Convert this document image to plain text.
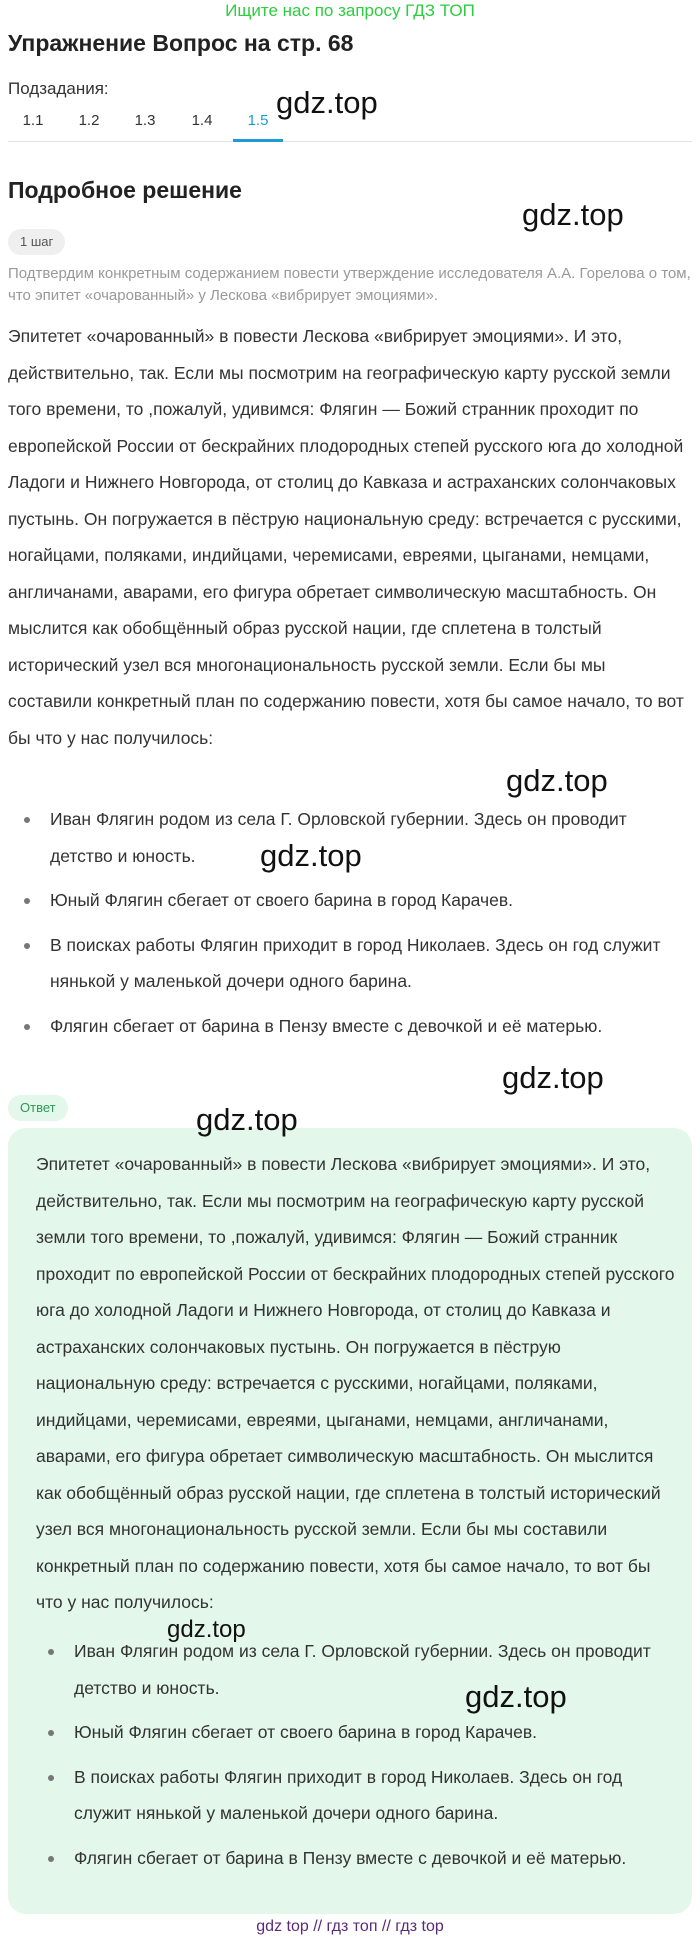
Ищите нас по запросу ГДЗ ТОП
Упражнение Вопрос на стр. 68
Подзадания:
1.1	1.2	1.3	1.4	1.5
gdz.top
Подробное решение
gdz.top
1 шаг

Подтвердим конкретным содержанием повести утверждение исследователя А.А. Горелова о том, что эпитет «очарованный» у Лескова «вибрирует эмоциями».

Эпитетет «очарованный» в повести Лескова «вибрирует эмоциями». И это, действительно, так. Если мы посмотрим на географическую карту русской земли того времени, то ,пожалуй, удивимся: Флягин — Божий странник проходит по европейской России от бескрайних плодородных степей русского юга до холодной Ладоги и Нижнего Новгорода, от столиц до Кавказа и астраханских солончаковых пустынь. Он погружается в пёструю национальную среду: встречается с русскими, ногайцами, поляками, индийцами, черемисами, евреями, цыганами, немцами, англичанами, аварами, его фигура обретает символическую масштабность. Он мыслится как обобщённый образ русской нации, где сплетена в толстый исторический узел вся многонациональность русской земли. Если бы мы составили конкретный план по содержанию повести, хотя бы самое начало, то вот бы что у нас получилось:

gdz.top
Иван Флягин родом из села Г. Орловской губернии. Здесь он проводит детство и юность.
Юный Флягин сбегает от своего барина в город Карачев.
В поисках работы Флягин приходит в город Николаев. Здесь он год служит нянькой у маленькой дочери одного барина.
Флягин сбегает от барина в Пензу вместе с девочкой и её матерью.
gdz.top
gdz.top
Ответ

Эпитетет «очарованный» в повести Лескова «вибрирует эмоциями». И это, действительно, так. Если мы посмотрим на географическую карту русской земли того времени, то ,пожалуй, удивимся: Флягин — Божий странник проходит по европейской России от бескрайних плодородных степей русского юга до холодной Ладоги и Нижнего Новгорода, от столиц до Кавказа и астраханских солончаковых пустынь. Он погружается в пёструю национальную среду: встречается с русскими, ногайцами, поляками, индийцами, черемисами, евреями, цыганами, немцами, англичанами, аварами, его фигура обретает символическую масштабность. Он мыслится как обобщённый образ русской нации, где сплетена в толстый исторический узел вся многонациональность русской земли. Если бы мы составили конкретный план по содержанию повести, хотя бы самое начало, то вот бы что у нас получилось:

Иван Флягин родом из села Г. Орловской губернии. Здесь он проводит детство и юность.
Юный Флягин сбегает от своего барина в город Карачев.
В поисках работы Флягин приходит в город Николаев. Здесь он год служит нянькой у маленькой дочери одного барина.
Флягин сбегает от барина в Пензу вместе с девочкой и её матерью.
gdz.top
gdz.top
gdz.top
gdz top // гдз топ // гдз top
